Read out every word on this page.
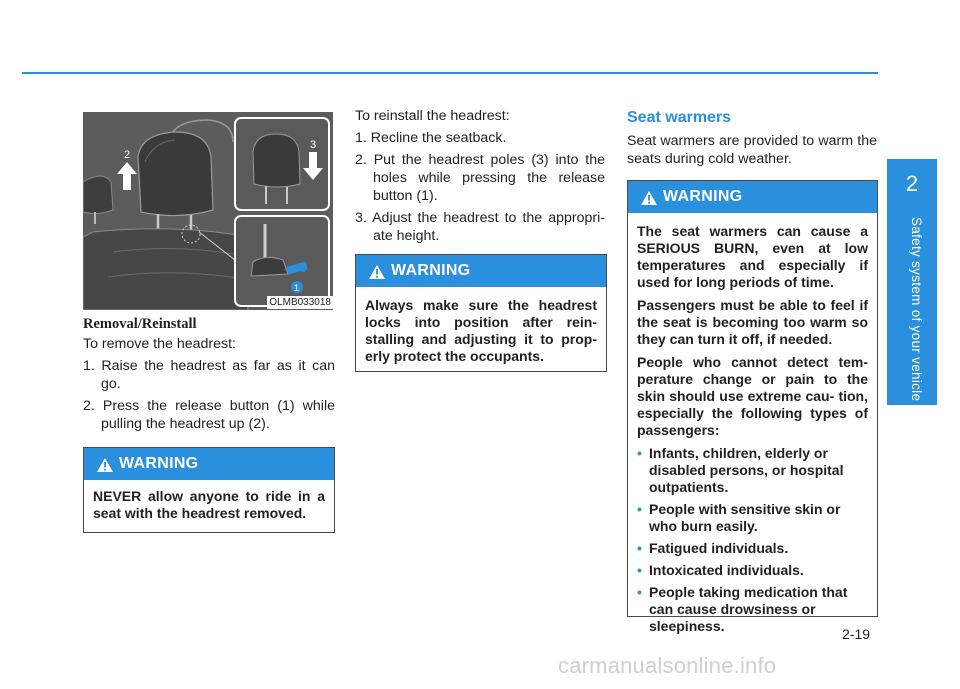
2
Safety system of your vehicle
2-19
2
3
1
OLMB033018
Removal/Reinstall

To remove the headrest:

1. Raise the headrest as far as it can go.

2. Press the release button (1) while pulling the headrest up (2).

WARNING
NEVER allow anyone to ride in a seat with the headrest removed.

To reinstall the headrest:

1. Recline the seatback.

2. Put the headrest poles (3) into the holes while pressing the release button (1).

3. Adjust the headrest to the appropri- ate height.

WARNING
Always make sure the headrest locks into position after rein- stalling and adjusting it to prop- erly protect the occupants.
Seat warmers
Seat warmers are provided to warm the seats during cold weather.
WARNING

The seat warmers can cause a SERIOUS BURN, even at low temperatures and especially if used for long periods of time.

Passengers must be able to feel if the seat is becoming too warm so they can turn it off, if needed.

People who cannot detect tem- perature change or pain to the skin should use extreme cau- tion, especially the following types of passengers:

• Infants, children, elderly or disabled persons, or hospital outpatients.
• People with sensitive skin or who burn easily.
• Fatigued individuals.
• Intoxicated individuals.
• People taking medication that can cause drowsiness or sleepiness.
carmanualsonline.info
